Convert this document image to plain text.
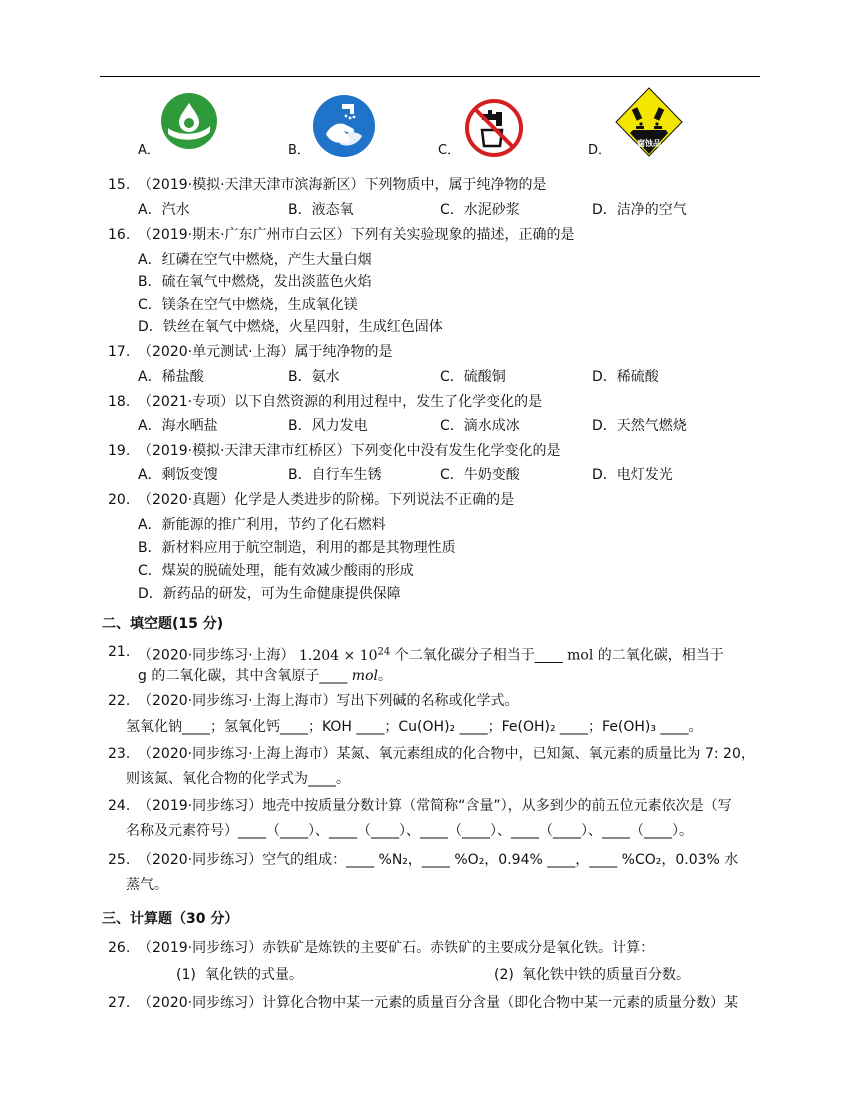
A．	B．	C．	D．	腐蚀品
15. （2019·模拟·天津天津市滨海新区）下列物质中，属于纯净物的是
A．汽水	B．液态氧	C．水泥砂浆	D．洁净的空气
16. （2019·期末·广东广州市白云区）下列有关实验现象的描述，正确的是
A．红磷在空气中燃烧，产生大量白烟
B．硫在氧气中燃烧，发出淡蓝色火焰
C．镁条在空气中燃烧，生成氧化镁
D．铁丝在氧气中燃烧，火星四射，生成红色固体
17. （2020·单元测试·上海）属于纯净物的是
A．稀盐酸	B．氨水	C．硫酸铜	D．稀硫酸
18. （2021·专项）以下自然资源的利用过程中，发生了化学变化的是
A．海水晒盐	B．风力发电	C．滴水成冰	D．天然气燃烧
19. （2019·模拟·天津天津市红桥区）下列变化中没有发生化学变化的是
A．剩饭变馊	B．自行车生锈	C．牛奶变酸	D．电灯发光
20. （2020·真题）化学是人类进步的阶梯。下列说法不正确的是
A．新能源的推广利用，节约了化石燃料
B．新材料应用于航空制造，利用的都是其物理性质
C．煤炭的脱硫处理，能有效减少酸雨的形成
D．新药品的研发，可为生命健康提供保障
二、填空题(15 分)
21. （2020·同步练习·上海） $1.204 \times 10^{24}$ 个二氧化碳分子相当于____ mol 的二氧化碳，相当于
g 的二氧化碳，其中含氧原子____ mol。
22. （2020·同步练习·上海上海市）写出下列碱的名称或化学式。
氢氧化钠____；氢氧化钙____；KOH ____；Cu(OH)₂ ____；Fe(OH)₂ ____；Fe(OH)₃ ____。
23. （2020·同步练习·上海上海市）某氮、氧元素组成的化合物中，已知氮、氧元素的质量比为 7: 20，
则该氮、氧化合物的化学式为____。
24. （2019·同步练习）地壳中按质量分数计算（常简称“含量”），从多到少的前五位元素依次是（写
名称及元素符号）____（____）、____（____）、____（____）、____（____）、____（____）。
25. （2020·同步练习）空气的组成：____ %N₂，____ %O₂，0.94% ____，____ %CO₂，0.03% 水
蒸气。
三、计算题（30 分）
26. （2019·同步练习）赤铁矿是炼铁的主要矿石。赤铁矿的主要成分是氧化铁。计算：
(1) 氧化铁的式量。	(2) 氧化铁中铁的质量百分数。
27. （2020·同步练习）计算化合物中某一元素的质量百分含量（即化合物中某一元素的质量分数）某
